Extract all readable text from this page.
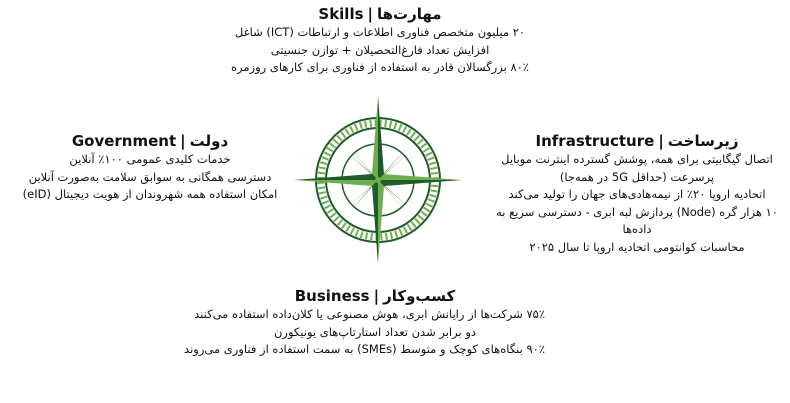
مهارت‌ها|Skills
۲۰ میلیون متخصص فناوری اطلاعات و ارتباطات (ICT) شاغل
افزایش تعداد فارغ‌التحصیلان + توازن جنسیتی
۸۰٪ بزرگسالان قادر به استفاده از فناوری برای کارهای روزمره
دولت|Government
خدمات کلیدی عمومی ۱۰۰٪ آنلاین
دسترسی همگانی به سوابق سلامت به‌صورت آنلاین
امکان استفاده همه شهروندان از هویت دیجیتال (eID)
زیرساخت|Infrastructure
اتصال گیگابیتی برای همه، پوشش گسترده اینترنت موبایل پرسرعت (حداقل 5G در همه‌جا)
اتحادیه اروپا ۲۰٪ از نیمه‌هادی‌های جهان را تولید می‌کند
۱۰ هزار گره (Node) پردازش لبه ابری - دسترسی سریع به داده‌ها
محاسبات کوانتومی اتحادیه اروپا تا سال ۲۰۲۵
کسب‌وکار|Business
۷۵٪ شرکت‌ها از رایانش ابری، هوش مصنوعی یا کلان‌داده استفاده می‌کنند
دو برابر شدن تعداد استارتاپ‌های یونیکورن
۹۰٪ بنگاه‌های کوچک و متوسط (SMEs) به سمت استفاده از فناوری می‌روند
